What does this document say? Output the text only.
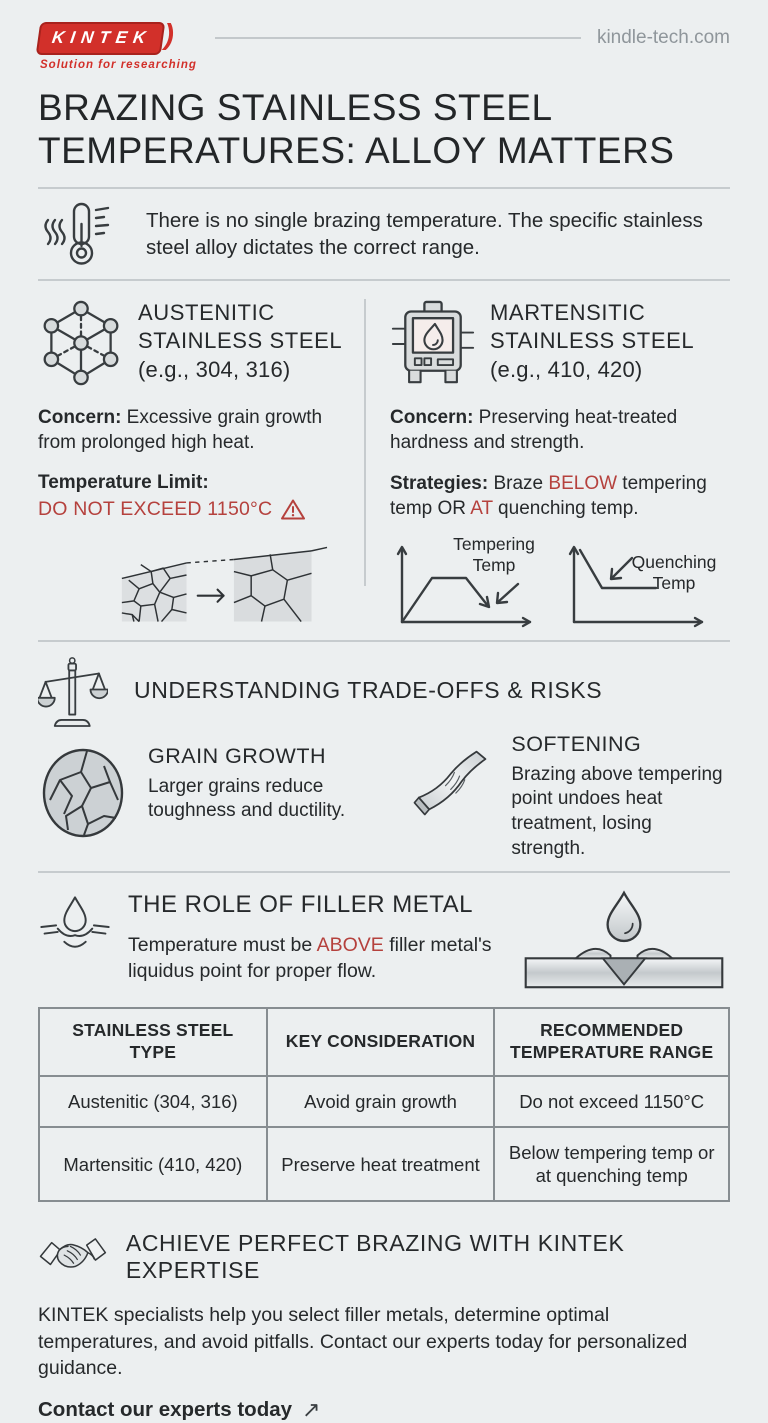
KINTEK )
Solution for researching
kindle-tech.com
BRAZING STAINLESS STEEL
TEMPERATURES: ALLOY MATTERS

There is no single brazing temperature. The specific stainless steel alloy dictates the correct range.

AUSTENITIC
STAINLESS STEEL
(e.g., 304, 316)

Concern: Excessive grain growth from prolonged high heat.

Temperature Limit:

DO NOT EXCEED 1150°C
MARTENSITIC
STAINLESS STEEL
(e.g., 410, 420)

Concern: Preserving heat-treated hardness and strength.

Strategies: Braze BELOW tempering temp OR AT quenching temp.

Tempering Temp	Quenching Temp
UNDERSTANDING TRADE-OFFS & RISKS
GRAIN GROWTH

Larger grains reduce toughness and ductility.

SOFTENING

Brazing above tempering point undoes heat treatment, losing strength.

THE ROLE OF FILLER METAL

Temperature must be ABOVE filler metal's liquidus point for proper flow.

STAINLESS STEEL TYPE	KEY CONSIDERATION	RECOMMENDED TEMPERATURE RANGE
Austenitic (304, 316)	Avoid grain growth	Do not exceed 1150°C
Martensitic (410, 420)	Preserve heat treatment	Below tempering temp or at quenching temp
ACHIEVE PERFECT BRAZING WITH KINTEK EXPERTISE

KINTEK specialists help you select filler metals, determine optimal temperatures, and avoid pitfalls. Contact our experts today for personalized guidance.

Contact our experts today ↗
